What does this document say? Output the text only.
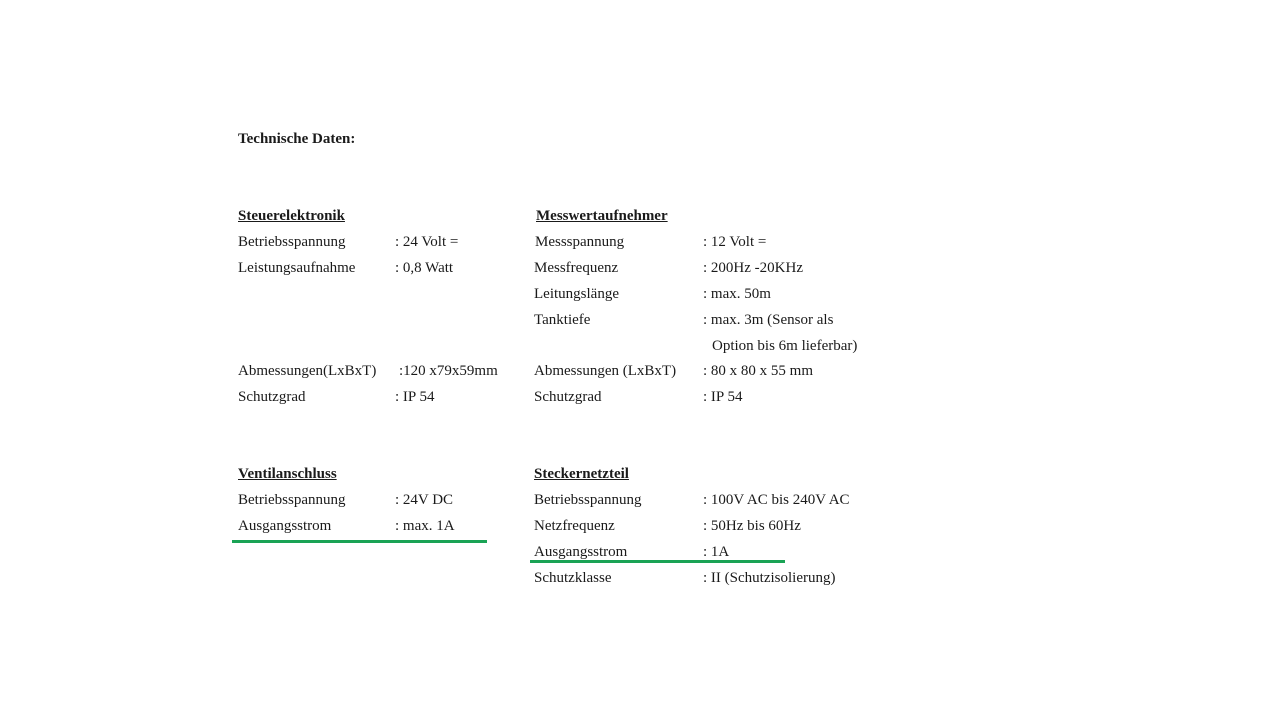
Technische Daten:
Steuerelektronik
Betriebsspannung	: 24 Volt =
Leistungsaufnahme	: 0,8 Watt
Abmessungen(LxBxT) :120 x79x59mm
Schutzgrad	: IP 54
Messwertaufnehmer
Messspannung	: 12 Volt =
Messfrequenz	: 200Hz -20KHz
Leitungslänge	: max. 50m
Tanktiefe	: max. 3m (Sensor als
Option bis 6m lieferbar)
Abmessungen (LxBxT) : 80 x 80 x 55 mm
Schutzgrad	: IP 54
Ventilanschluss
Betriebsspannung	: 24V DC
Ausgangsstrom	: max. 1A
Steckernetzteil
Betriebsspannung	: 100V AC bis 240V AC
Netzfrequenz	: 50Hz bis 60Hz
Ausgangsstrom	: 1A
Schutzklasse	: II (Schutzisolierung)
